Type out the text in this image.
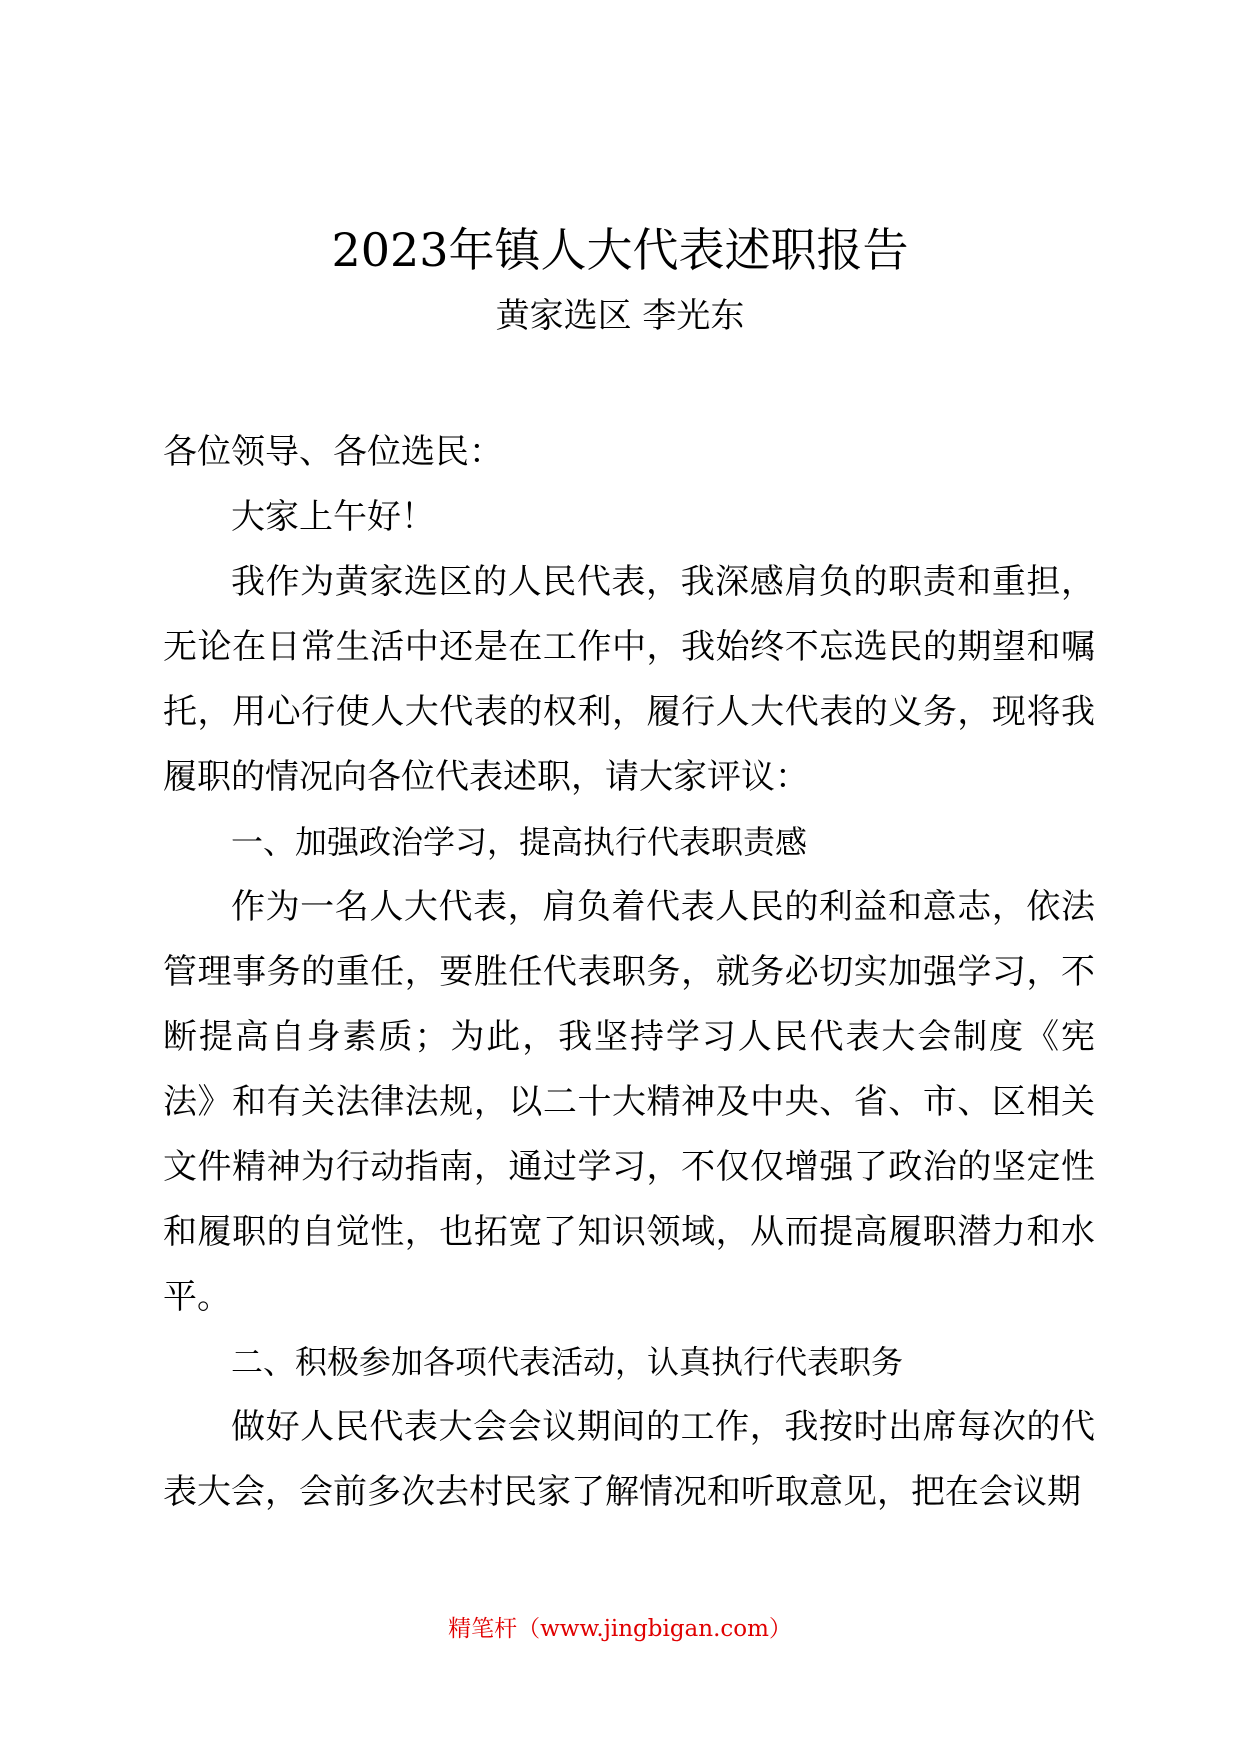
2023年镇人大代表述职报告
黄家选区 李光东

各位领导、各位选民：

大家上午好！

我作为黄家选区的人民代表，我深感肩负的职责和重担，无论在日常生活中还是在工作中，我始终不忘选民的期望和嘱托，用心行使人大代表的权利，履行人大代表的义务，现将我履职的情况向各位代表述职，请大家评议：

一、加强政治学习，提高执行代表职责感

作为一名人大代表，肩负着代表人民的利益和意志，依法管理事务的重任，要胜任代表职务，就务必切实加强学习，不断提高自身素质；为此，我坚持学习人民代表大会制度《宪法》和有关法律法规，以二十大精神及中央、省、市、区相关文件精神为行动指南，通过学习，不仅仅增强了政治的坚定性和履职的自觉性，也拓宽了知识领域，从而提高履职潜力和水平。

二、积极参加各项代表活动，认真执行代表职务

做好人民代表大会会议期间的工作，我按时出席每次的代表大会，会前多次去村民家了解情况和听取意见，把在会议期

精笔杆（www.jingbigan.com）
